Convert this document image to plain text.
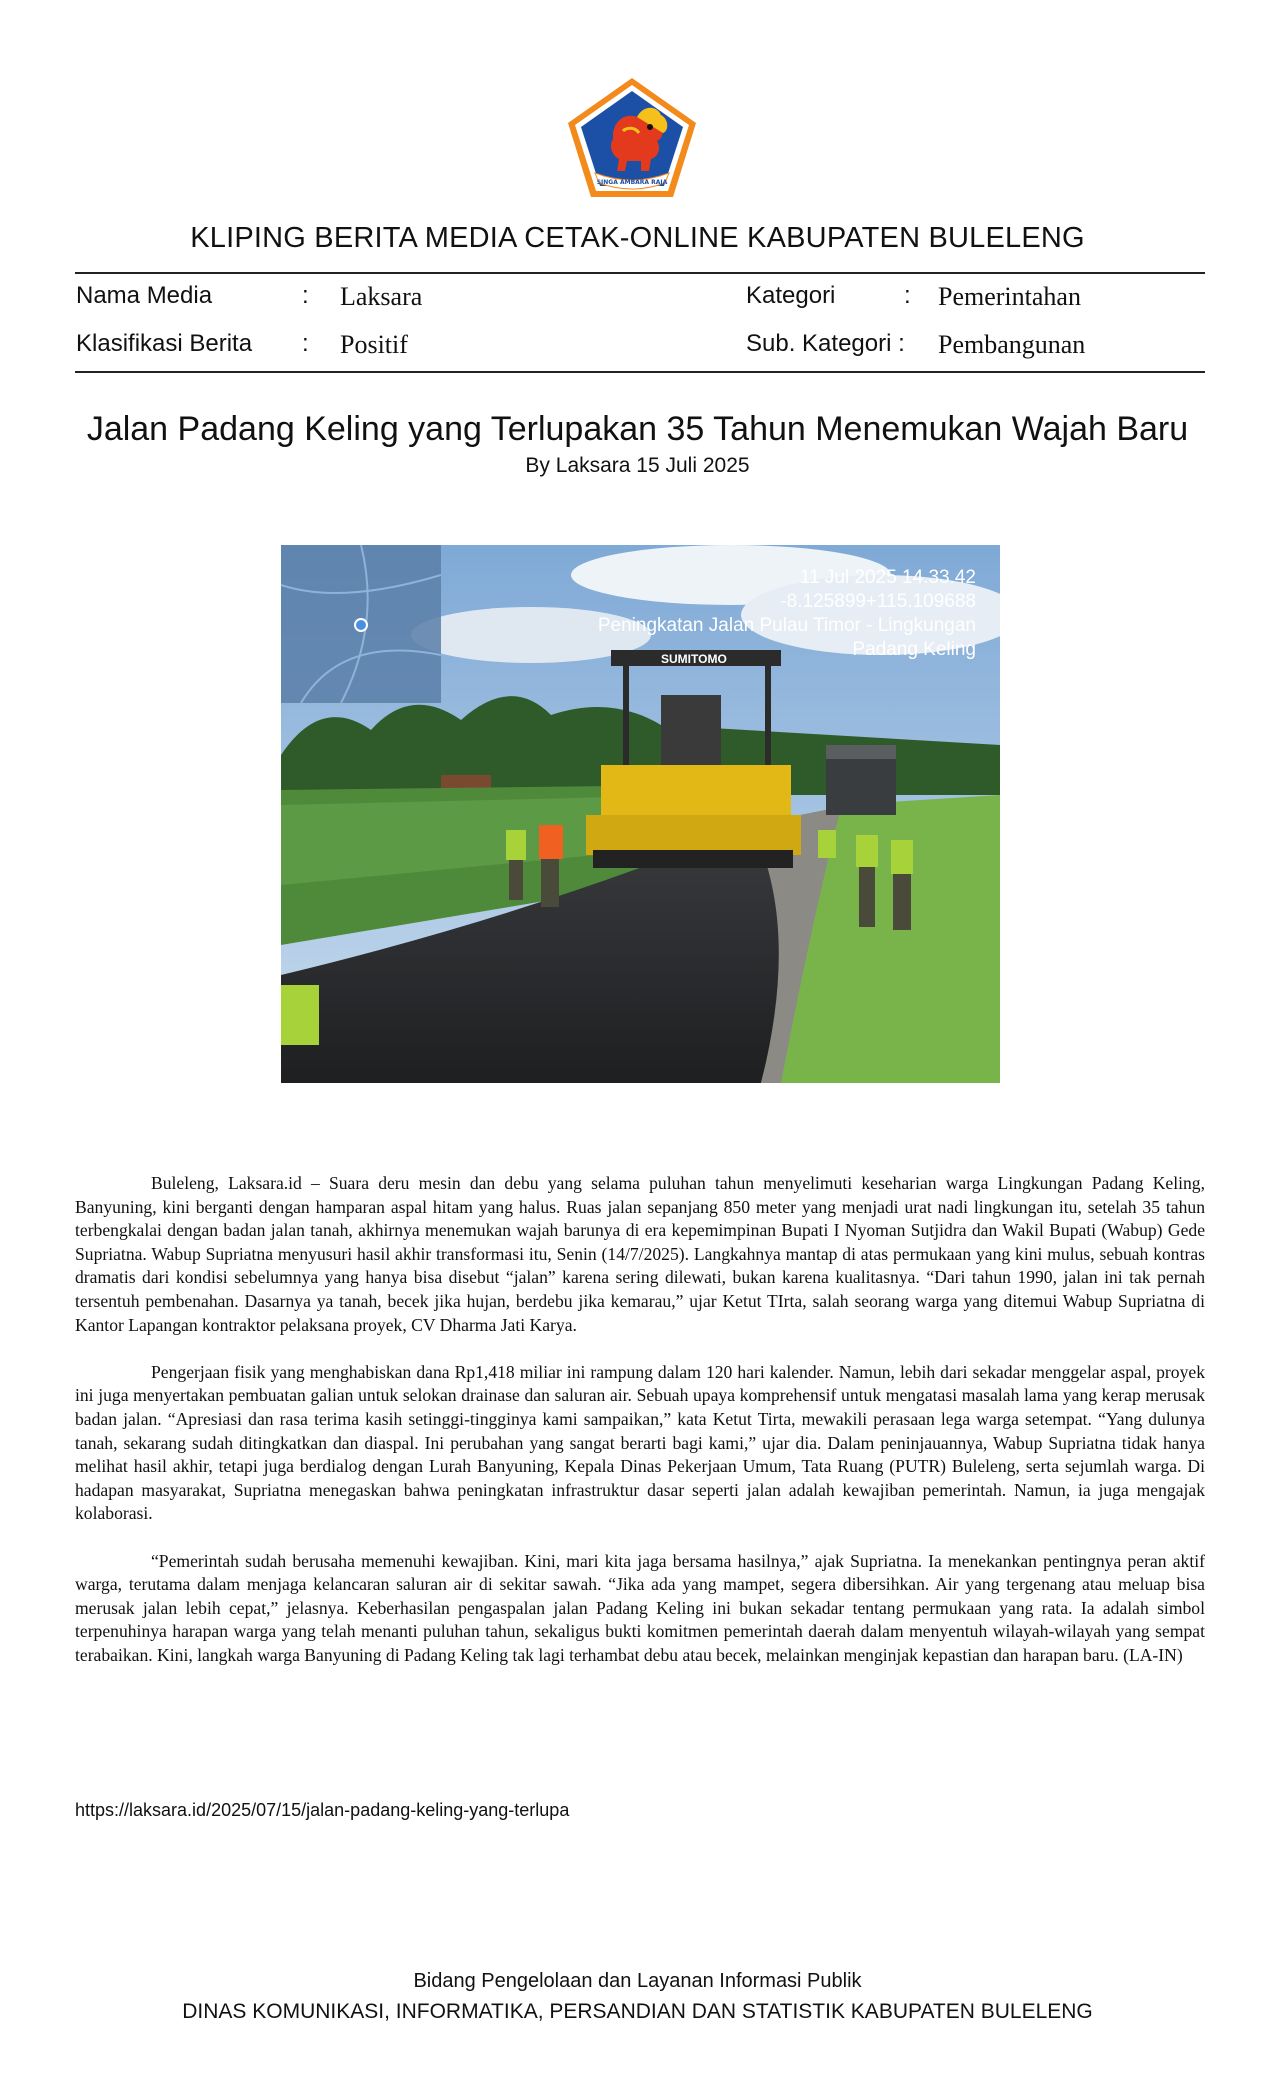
SINGA AMBARA RAJA
KLIPING BERITA MEDIA CETAK-ONLINE KABUPATEN BULELENG
Nama Media	: Laksara	Kategori	: Pemerintahan
Klasifikasi Berita : Positif	Sub. Kategori : Pembangunan
Jalan Padang Keling yang Terlupakan 35 Tahun Menemukan Wajah Baru
By Laksara 15 Juli 2025
11 Jul 2025 14.33.42
-8.125899+115.109688
Peningkatan Jalan Pulau Timor - Lingkungan
Padang Keling
SUMITOMO

Buleleng, Laksara.id – Suara deru mesin dan debu yang selama puluhan tahun menyelimuti keseharian warga Lingkungan Padang Keling, Banyuning, kini berganti dengan hamparan aspal hitam yang halus. Ruas jalan sepanjang 850 meter yang menjadi urat nadi lingkungan itu, setelah 35 tahun terbengkalai dengan badan jalan tanah, akhirnya menemukan wajah barunya di era kepemimpinan Bupati I Nyoman Sutjidra dan Wakil Bupati (Wabup) Gede Supriatna. Wabup Supriatna menyusuri hasil akhir transformasi itu, Senin (14/7/2025). Langkahnya mantap di atas permukaan yang kini mulus, sebuah kontras dramatis dari kondisi sebelumnya yang hanya bisa disebut “jalan” karena sering dilewati, bukan karena kualitasnya. “Dari tahun 1990, jalan ini tak pernah tersentuh pembenahan. Dasarnya ya tanah, becek jika hujan, berdebu jika kemarau,” ujar Ketut TIrta, salah seorang warga yang ditemui Wabup Supriatna di Kantor Lapangan kontraktor pelaksana proyek, CV Dharma Jati Karya.

Pengerjaan fisik yang menghabiskan dana Rp1,418 miliar ini rampung dalam 120 hari kalender. Namun, lebih dari sekadar menggelar aspal, proyek ini juga menyertakan pembuatan galian untuk selokan drainase dan saluran air. Sebuah upaya komprehensif untuk mengatasi masalah lama yang kerap merusak badan jalan. “Apresiasi dan rasa terima kasih setinggi-tingginya kami sampaikan,” kata Ketut Tirta, mewakili perasaan lega warga setempat. “Yang dulunya tanah, sekarang sudah ditingkatkan dan diaspal. Ini perubahan yang sangat berarti bagi kami,” ujar dia. Dalam peninjauannya, Wabup Supriatna tidak hanya melihat hasil akhir, tetapi juga berdialog dengan Lurah Banyuning, Kepala Dinas Pekerjaan Umum, Tata Ruang (PUTR) Buleleng, serta sejumlah warga. Di hadapan masyarakat, Supriatna menegaskan bahwa peningkatan infrastruktur dasar seperti jalan adalah kewajiban pemerintah. Namun, ia juga mengajak kolaborasi.

“Pemerintah sudah berusaha memenuhi kewajiban. Kini, mari kita jaga bersama hasilnya,” ajak Supriatna. Ia menekankan pentingnya peran aktif warga, terutama dalam menjaga kelancaran saluran air di sekitar sawah. “Jika ada yang mampet, segera dibersihkan. Air yang tergenang atau meluap bisa merusak jalan lebih cepat,” jelasnya. Keberhasilan pengaspalan jalan Padang Keling ini bukan sekadar tentang permukaan yang rata. Ia adalah simbol terpenuhinya harapan warga yang telah menanti puluhan tahun, sekaligus bukti komitmen pemerintah daerah dalam menyentuh wilayah-wilayah yang sempat terabaikan. Kini, langkah warga Banyuning di Padang Keling tak lagi terhambat debu atau becek, melainkan menginjak kepastian dan harapan baru. (LA-IN)

https://laksara.id/2025/07/15/jalan-padang-keling-yang-terlupa
Bidang Pengelolaan dan Layanan Informasi Publik
DINAS KOMUNIKASI, INFORMATIKA, PERSANDIAN DAN STATISTIK KABUPATEN BULELENG
